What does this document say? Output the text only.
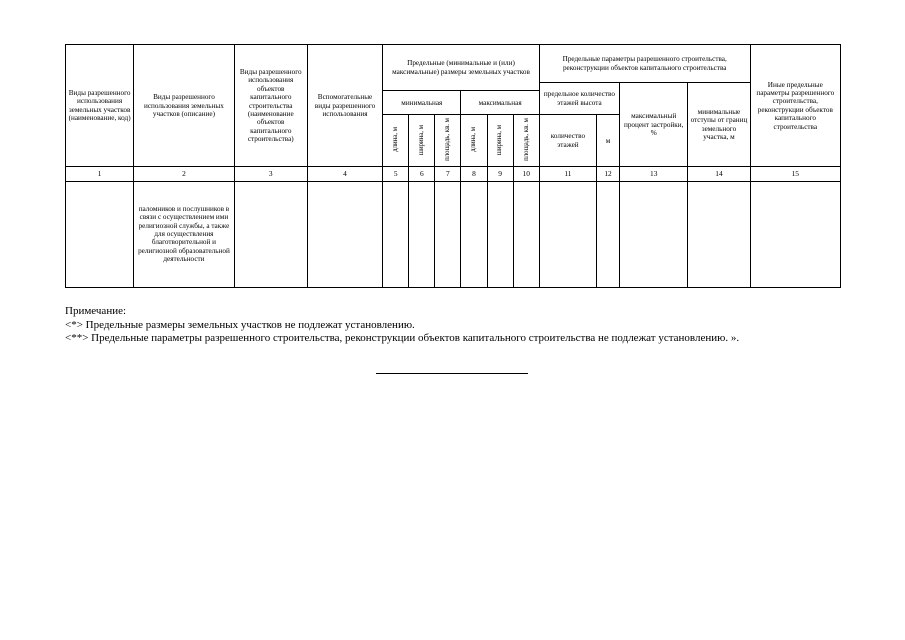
Виды разрешенного использования земельных участков (наименование, код)	Виды разрешенного использования земельных участков (описание)	Виды разрешенного использования объектов капитального строительства (наименование объектов капитального строительства)	Вспомогательные виды разрешенного использования	Предельные (минимальные и (или) максимальные) размеры земельных участков						Предельные параметры разрешенного строительства, реконструкции объектов капитального строительства				Иные предельные параметры разрешенного строительства, реконструкции объектов капитального строительства
										предельное количество этажей высота		максимальный процент застройки, %	минимальные отступы от границ земельного участка, м	
				минимальная			максимальная							
				длина, м	ширина, м	площадь, кв. м	длина, м	ширина, м	площадь, кв. м	количество этажей	м			
1	2	3	4	5	6	7	8	9	10	11	12	13	14	15
	паломников и послушников в связи с осуществлением ими религиозной службы, а также для осуществления благотворительной и религиозной образовательной деятельности													

Примечание:

<*> Предельные размеры земельных участков не подлежат установлению.

<**> Предельные параметры разрешенного строительства, реконструкции объектов капитального строительства не подлежат установлению. ».
